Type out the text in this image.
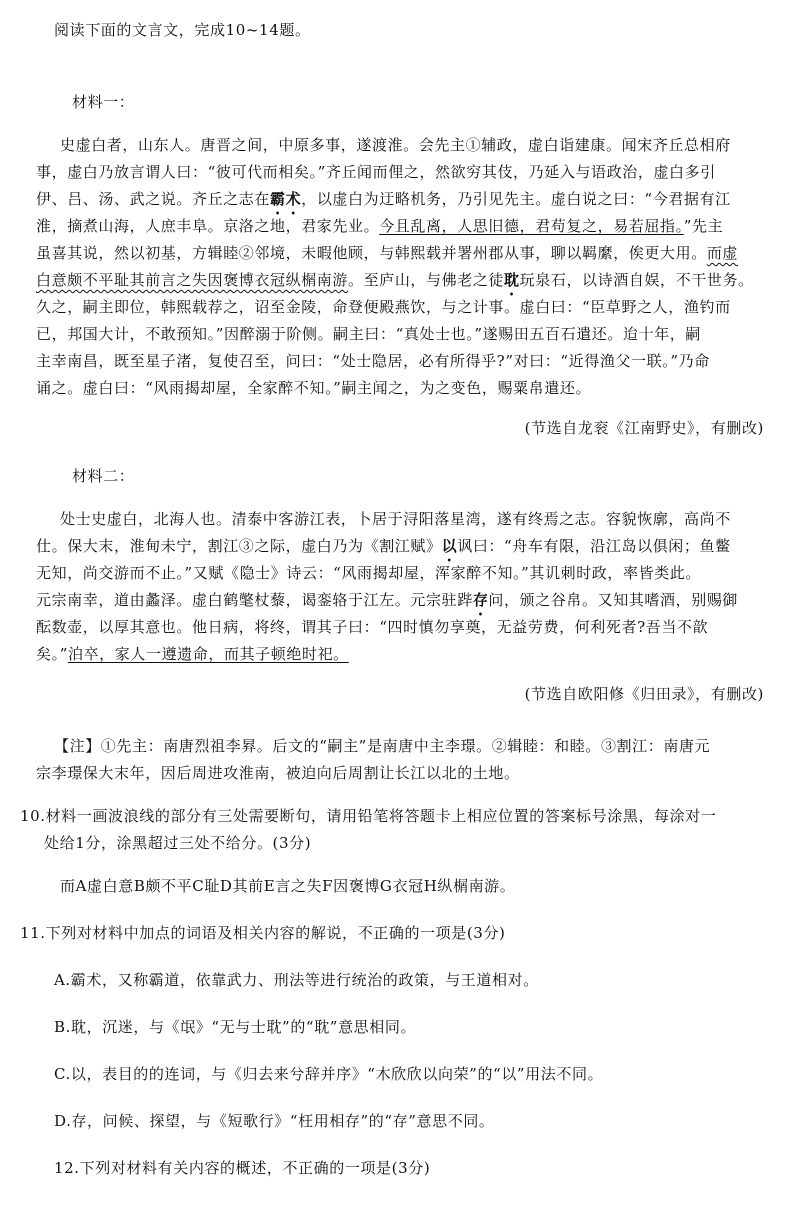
阅读下面的文言文，完成10~14题。
材料一：
史虚白者，山东人。唐晋之间，中原多事，遂渡淮。会先主①辅政，虚白诣建康。闻宋齐丘总相府
事，虚白乃放言谓人曰：“彼可代而相矣。”齐丘闻而俚之，然欲穷其伎，乃延入与语政治，虚白多引
伊、吕、汤、武之说。齐丘之志在霸术，以虚白为迂略机务，乃引见先主。虚白说之曰：“今君据有江
淮，摘煮山海，人庶丰阜。京洛之地，君家先业。今且乱离，人思旧德，君苟复之，易若屈指。”先主
虽喜其说，然以初基，方辑睦②邻境，未暇他顾，与韩熙载并署州郡从事，聊以羁縻，俟更大用。而虚
白意颇不平耻其前言之失因褒博衣冠纵榍南游。至庐山，与佛老之徒耽玩泉石，以诗酒自娱，不干世务。
久之，嗣主即位，韩熙载荐之，诏至金陵，命登便殿燕饮，与之计事。虚白曰：“臣草野之人，渔钓而
已，邦国大计，不敢预知。”因醉溺于阶侧。嗣主曰：“真处士也。”遂赐田五百石遣还。迨十年，嗣
主幸南昌，既至星子渚，复使召至，问曰：“处士隐居，必有所得乎?”对曰：“近得渔父一联。”乃命
诵之。虚白曰：“风雨揭却屋，全家醉不知。”嗣主闻之，为之变色，赐粟帛遣还。
(节选自龙衮《江南野史》，有删改)
材料二：
处士史虚白，北海人也。清泰中客游江表，卜居于浔阳落星湾，遂有终焉之志。容貌恢廓，高尚不
仕。保大末，淮甸未宁，割江③之际，虚白乃为《割江赋》以讽曰：“舟车有限，沿江岛以俱闲；鱼鳖
无知，尚交游而不止。”又赋《隐士》诗云：“风雨揭却屋，浑家醉不知。”其讥刺时政，率皆类此。
元宗南幸，道由蠡泽。虚白鹤氅杖藜，谒銮辂于江左。元宗驻跸存问，颁之谷帛。又知其嗜酒，别赐御
酝数壶，以厚其意也。他日病，将终，谓其子曰：“四时慎勿享奠，无益劳费，何利死者?吾当不歆
矣。”泊卒，家人一遵遗命，而其子顿绝时祀。
(节选自欧阳修《归田录》，有删改)
【注】①先主：南唐烈祖李昪。后文的“嗣主”是南唐中主李璟。②辑睦：和睦。③割江：南唐元
宗李璟保大末年，因后周进攻淮南，被迫向后周割让长江以北的土地。
10.材料一画波浪线的部分有三处需要断句，请用铅笔将答题卡上相应位置的答案标号涂黑，每涂对一
处给1分，涂黑超过三处不给分。(3分)
而A虚白意B颇不平C耻D其前E言之失F因褒博G衣冠H纵榍南游。
11.下列对材料中加点的词语及相关内容的解说，不正确的一项是(3分)
A.霸术，又称霸道，依靠武力、刑法等进行统治的政策，与王道相对。
B.耽，沉迷，与《氓》“无与士耽”的“耽”意思相同。
C.以，表目的的连词，与《归去来兮辞并序》“木欣欣以向荣”的“以”用法不同。
D.存，问候、探望，与《短歌行》“枉用相存”的“存”意思不同。
12.下列对材料有关内容的概述，不正确的一项是(3分)
